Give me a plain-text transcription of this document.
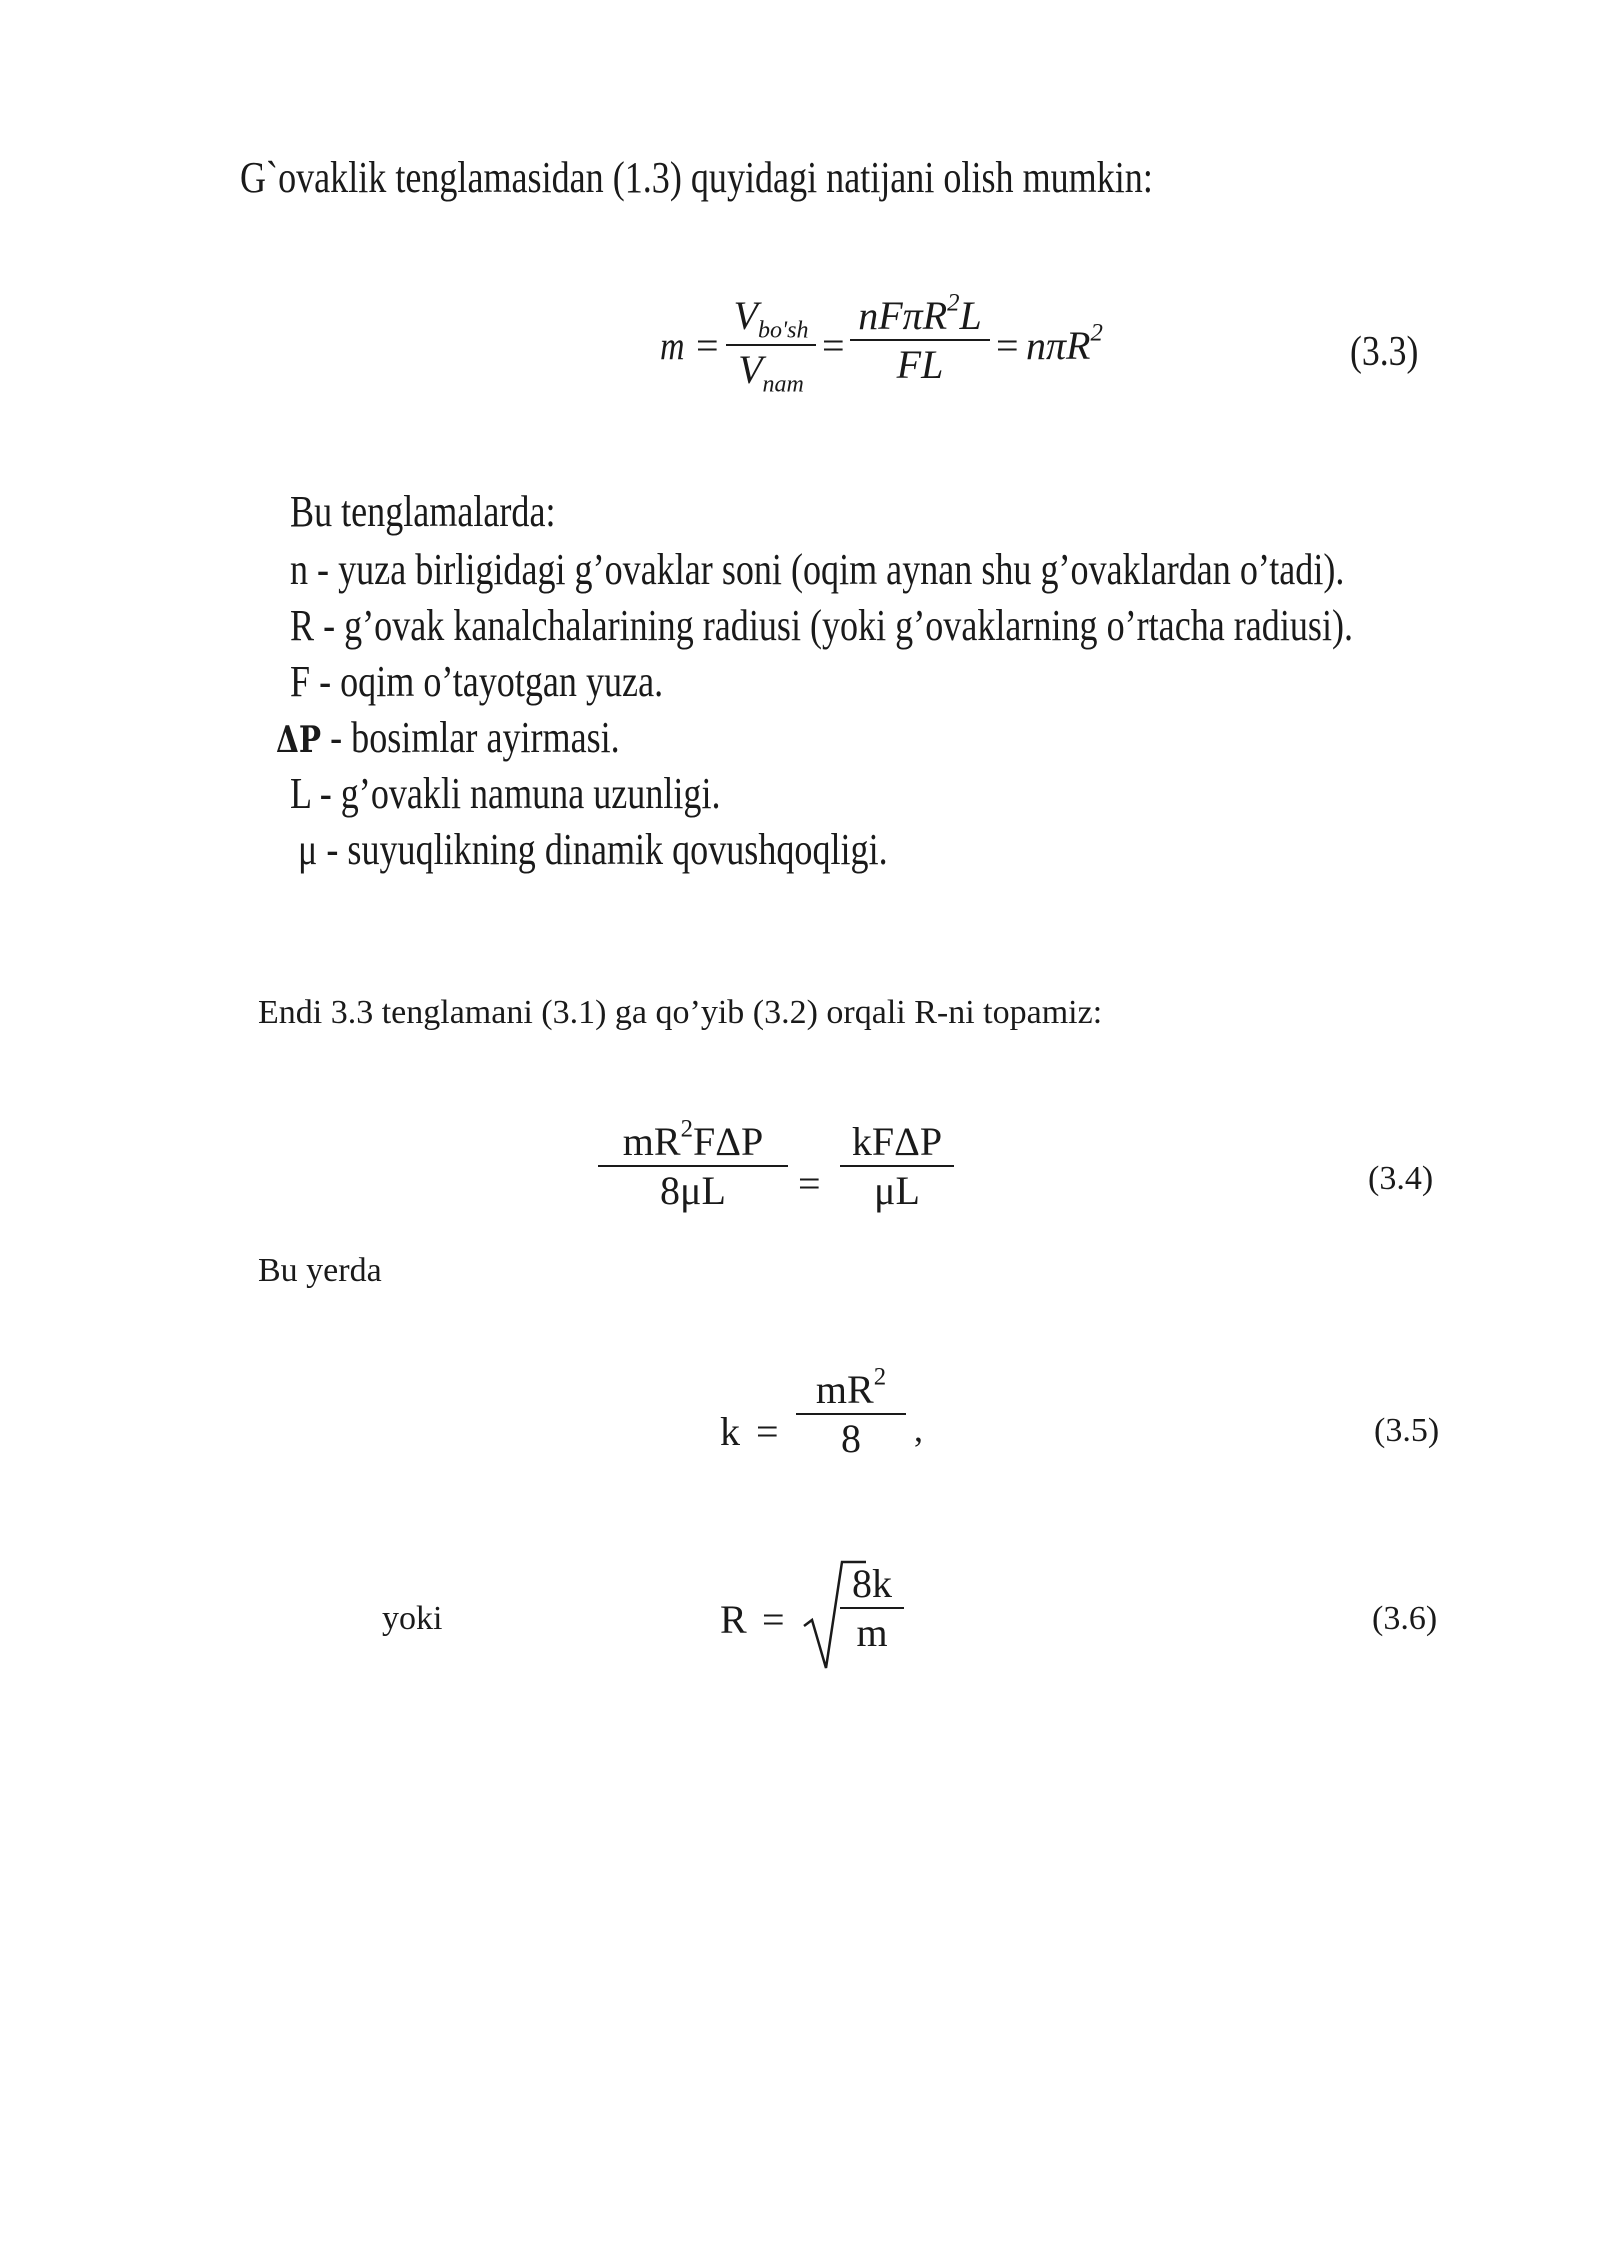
G`ovaklik tenglamasidan (1.3) quyidagi natijani olish mumkin:
m =
$V_{bo'sh}$
$V_{nam}$
=
nFπR$^2$L
FL = nπR$^2$	(3.3)
Bu tenglamalarda:
n - yuza birligidagi g’ovaklar soni (oqim aynan shu g’ovaklardan o’tadi).
R - g’ovak kanalchalarining radiusi (yoki g’ovaklarning o’rtacha radiusi).
F - oqim o’tayotgan yuza.
ΔP - bosimlar ayirmasi.
L - g’ovakli namuna uzunligi.
μ - suyuqlikning dinamik qovushqoqligi.
Endi 3.3 tenglamani (3.1) ga qo’yib (3.2) orqali R-ni topamiz:
$mR^2F\Delta P$
8μL =
kFΔP
μL	(3.4)
Bu yerda
k =
$mR^2$
8 ,	(3.5)
yoki	R =
8k
m	(3.6)
